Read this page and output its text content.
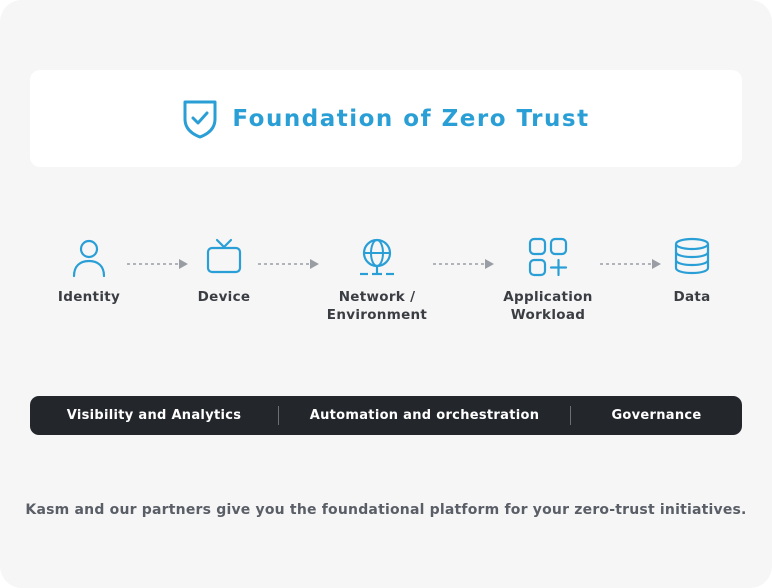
Foundation of Zero Trust
Identity	Device	Network /
Environment
Application
Workload
Data
Visibility and Analytics	Automation and orchestration	Governance
Kasm and our partners give you the foundational platform for your zero-trust initiatives.
